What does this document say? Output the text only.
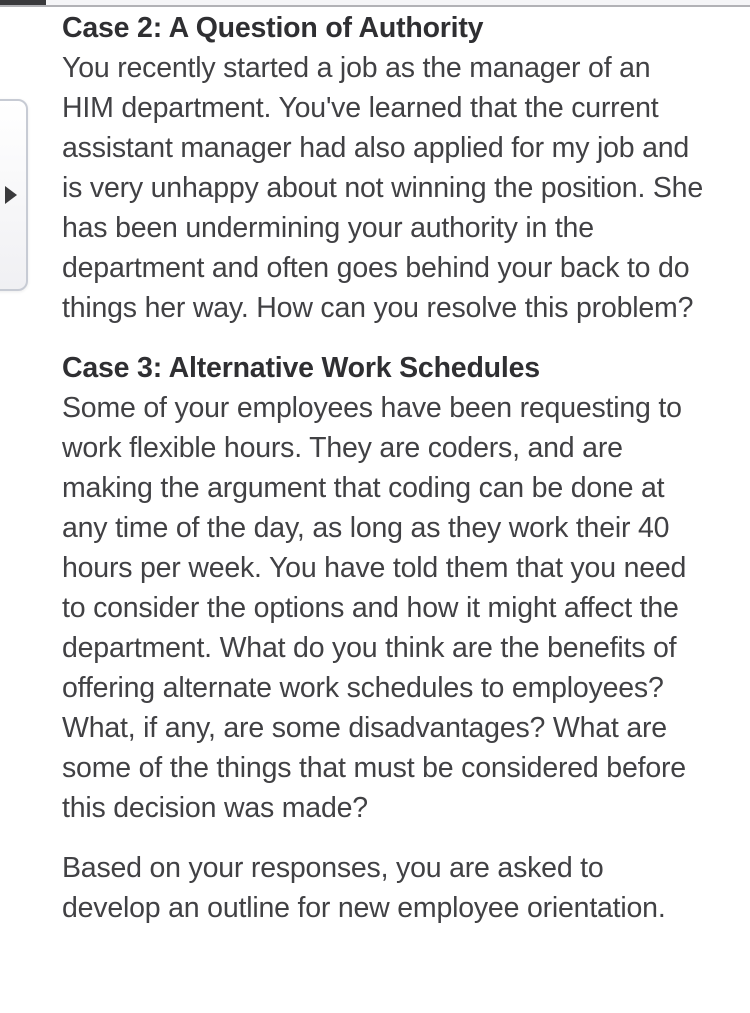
Case 2: A Question of Authority

You recently started a job as the manager of an HIM department. You've learned that the current assistant manager had also applied for my job and is very unhappy about not winning the position. She has been undermining your authority in the department and often goes behind your back to do things her way. How can you resolve this problem?

Case 3: Alternative Work Schedules

Some of your employees have been requesting to work flexible hours. They are coders, and are making the argument that coding can be done at any time of the day, as long as they work their 40 hours per week. You have told them that you need to consider the options and how it might affect the department. What do you think are the benefits of offering alternate work schedules to employees? What, if any, are some disadvantages? What are some of the things that must be considered before this decision was made?

Based on your responses, you are asked to develop an outline for new employee orientation.
